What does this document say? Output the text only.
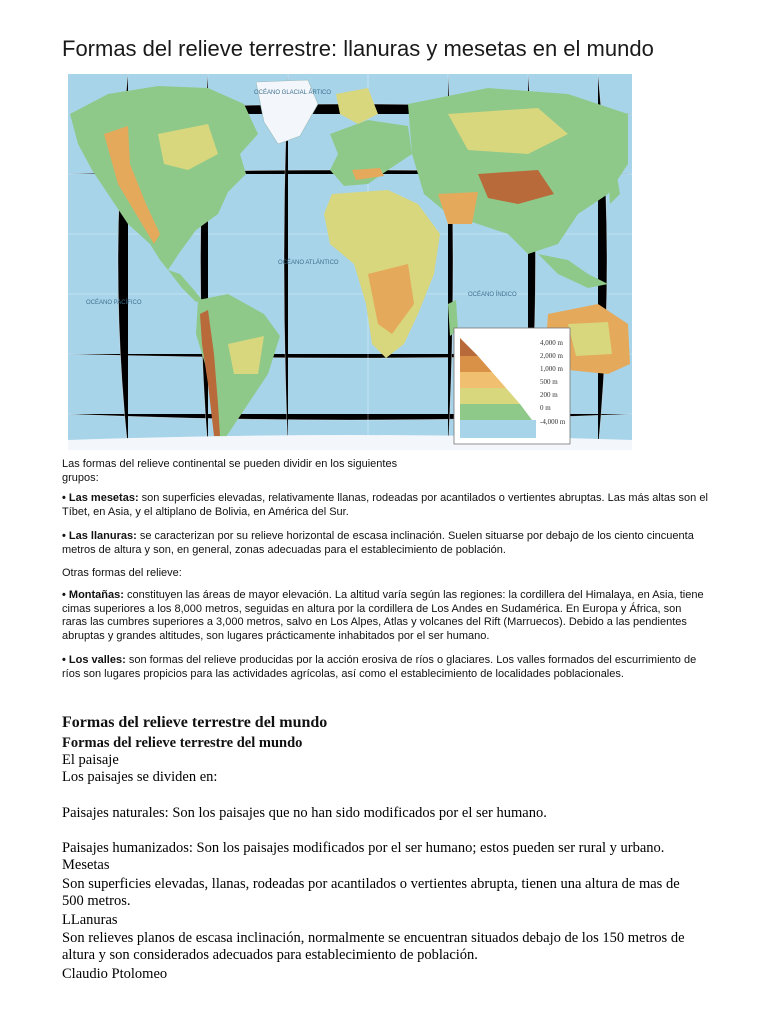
Formas del relieve terrestre: llanuras y mesetas en el mundo
4,000 m
2,000 m
1,000 m
500 m
200 m
0 m
-4,000 m
OCÉANO GLACIAL ÁRTICO
OCÉANO PACÍFICO
OCÉANO ATLÁNTICO
OCÉANO ÍNDICO

Las formas del relieve continental se pueden dividir en los siguientes grupos:

• Las mesetas: son superficies elevadas, relativamente llanas, rodeadas por acantilados o vertientes abruptas. Las más altas son el Tíbet, en Asia, y el altiplano de Bolivia, en América del Sur.

• Las llanuras: se caracterizan por su relieve horizontal de escasa inclinación. Suelen situarse por debajo de los ciento cincuenta metros de altura y son, en general, zonas adecuadas para el establecimiento de población.

Otras formas del relieve:

• Montañas: constituyen las áreas de mayor elevación. La altitud varía según las regiones: la cordillera del Himalaya, en Asia, tiene cimas superiores a los 8,000 metros, seguidas en altura por la cordillera de Los Andes en Sudamérica. En Europa y África, son raras las cumbres superiores a 3,000 metros, salvo en Los Alpes, Atlas y volcanes del Rift (Marruecos). Debido a las pendientes abruptas y grandes altitudes, son lugares prácticamente inhabitados por el ser humano.

• Los valles: son formas del relieve producidas por la acción erosiva de ríos o glaciares. Los valles formados del escurrimiento de ríos son lugares propicios para las actividades agrícolas, así como el establecimiento de localidades poblacionales.

Formas del relieve terrestre del mundo
Formas del relieve terrestre del mundo

El paisaje

Los paisajes se dividen en:

Paisajes naturales: Son los paisajes que no han sido modificados por el ser humano.

Paisajes humanizados: Son los paisajes modificados por el ser humano; estos pueden ser rural y urbano.

Mesetas

Son superficies elevadas, llanas, rodeadas por acantilados o vertientes abrupta, tienen una altura de mas de 500 metros.

LLanuras

Son relieves planos de escasa inclinación, normalmente se encuentran situados debajo de los 150 metros de altura y son considerados adecuados para establecimiento de población.

Claudio Ptolomeo
